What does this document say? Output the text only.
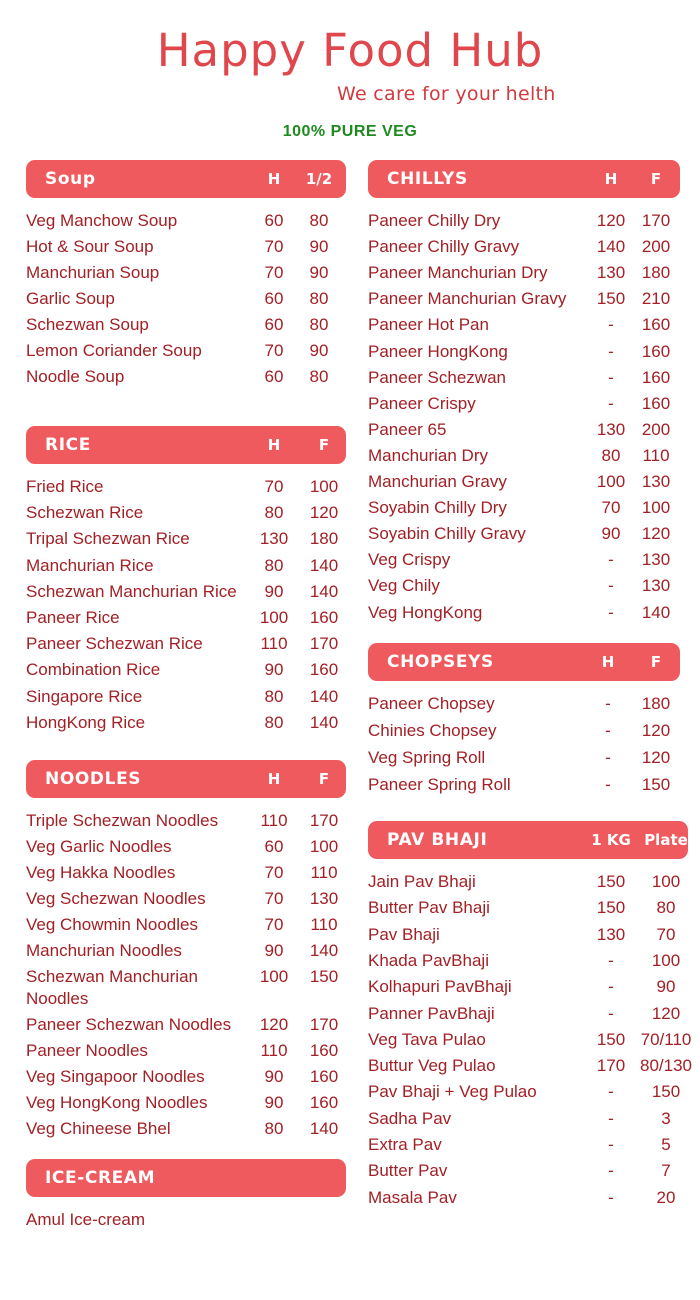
Happy Food Hub
We care for your helth
100% PURE VEG
Soup	H	1/2
Veg Manchow Soup	60	80
Hot & Sour Soup	70	90
Manchurian Soup	70	90
Garlic Soup	60	80
Schezwan Soup	60	80
Lemon Coriander Soup	70	90
Noodle Soup	60	80
RICE	H	F
Fried Rice	70	100
Schezwan Rice	80	120
Tripal Schezwan Rice	130	180
Manchurian Rice	80	140
Schezwan Manchurian Rice	90	140
Paneer Rice	100	160
Paneer Schezwan Rice	110	170
Combination Rice	90	160
Singapore Rice	80	140
HongKong Rice	80	140
NOODLES	H	F
Triple Schezwan Noodles	110	170
Veg Garlic Noodles	60	100
Veg Hakka Noodles	70	110
Veg Schezwan Noodles	70	130
Veg Chowmin Noodles	70	110
Manchurian Noodles	90	140
Schezwan Manchurian Noodles
100	150
Paneer Schezwan Noodles	120	170
Paneer Noodles	110	160
Veg Singapoor Noodles	90	160
Veg HongKong Noodles	90	160
Veg Chineese Bhel	80	140
ICE-CREAM
Amul Ice-cream
CHILLYS	H	F
Paneer Chilly Dry	120 170
Paneer Chilly Gravy	140 200
Paneer Manchurian Dry	130 180
Paneer Manchurian Gravy	150 210
Paneer Hot Pan	-	160
Paneer HongKong	-	160
Paneer Schezwan	-	160
Paneer Crispy	-	160
Paneer 65	130 200
Manchurian Dry	80	110
Manchurian Gravy	100 130
Soyabin Chilly Dry	70	100
Soyabin Chilly Gravy	90	120
Veg Crispy	-	130
Veg Chily	-	130
Veg HongKong	-	140
CHOPSEYS	H	F
Paneer Chopsey	-	180
Chinies Chopsey	-	120
Veg Spring Roll	-	120
Paneer Spring Roll	-	150
PAV BHAJI	1 KG Plate
Jain Pav Bhaji	150	100
Butter Pav Bhaji	150	80
Pav Bhaji	130	70
Khada PavBhaji	-	100
Kolhapuri PavBhaji	-	90
Panner PavBhaji	-	120
Veg Tava Pulao	150 70/110
Buttur Veg Pulao	170 80/130
Pav Bhaji + Veg Pulao	-	150
Sadha Pav	-	3
Extra Pav	-	5
Butter Pav	-	7
Masala Pav	-	20
